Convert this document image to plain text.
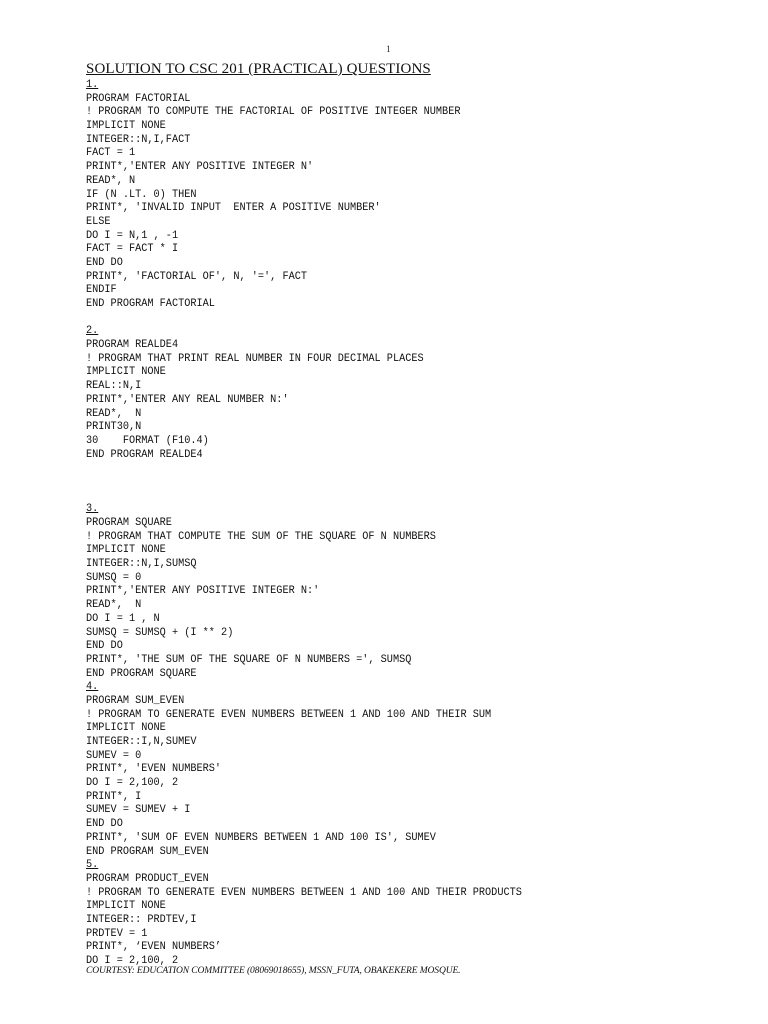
1
SOLUTION TO CSC 201 (PRACTICAL) QUESTIONS
1.
PROGRAM FACTORIAL
! PROGRAM TO COMPUTE THE FACTORIAL OF POSITIVE INTEGER NUMBER
IMPLICIT NONE
INTEGER::N,I,FACT
FACT = 1
PRINT*,'ENTER ANY POSITIVE INTEGER N'
READ*, N
IF (N .LT. 0) THEN
PRINT*, 'INVALID INPUT  ENTER A POSITIVE NUMBER'
ELSE
DO I = N,1 , -1
FACT = FACT * I
END DO
PRINT*, 'FACTORIAL OF', N, '=', FACT
ENDIF
END PROGRAM FACTORIAL
2.
PROGRAM REALDE4
! PROGRAM THAT PRINT REAL NUMBER IN FOUR DECIMAL PLACES
IMPLICIT NONE
REAL::N,I
PRINT*,'ENTER ANY REAL NUMBER N:'
READ*,  N
PRINT30,N
30    FORMAT (F10.4)
END PROGRAM REALDE4
3.
PROGRAM SQUARE
! PROGRAM THAT COMPUTE THE SUM OF THE SQUARE OF N NUMBERS
IMPLICIT NONE
INTEGER::N,I,SUMSQ
SUMSQ = 0
PRINT*,'ENTER ANY POSITIVE INTEGER N:'
READ*,  N
DO I = 1 , N
SUMSQ = SUMSQ + (I ** 2)
END DO
PRINT*, 'THE SUM OF THE SQUARE OF N NUMBERS =', SUMSQ
END PROGRAM SQUARE
4.
PROGRAM SUM_EVEN
! PROGRAM TO GENERATE EVEN NUMBERS BETWEEN 1 AND 100 AND THEIR SUM
IMPLICIT NONE
INTEGER::I,N,SUMEV
SUMEV = 0
PRINT*, 'EVEN NUMBERS'
DO I = 2,100, 2
PRINT*, I
SUMEV = SUMEV + I
END DO
PRINT*, 'SUM OF EVEN NUMBERS BETWEEN 1 AND 100 IS', SUMEV
END PROGRAM SUM_EVEN
5.
PROGRAM PRODUCT_EVEN
! PROGRAM TO GENERATE EVEN NUMBERS BETWEEN 1 AND 100 AND THEIR PRODUCTS
IMPLICIT NONE
INTEGER:: PRDTEV,I
PRDTEV = 1
PRINT*, ‘EVEN NUMBERS’
DO I = 2,100, 2
COURTESY: EDUCATION COMMITTEE (08069018655), MSSN_FUTA, OBAKEKERE MOSQUE.
